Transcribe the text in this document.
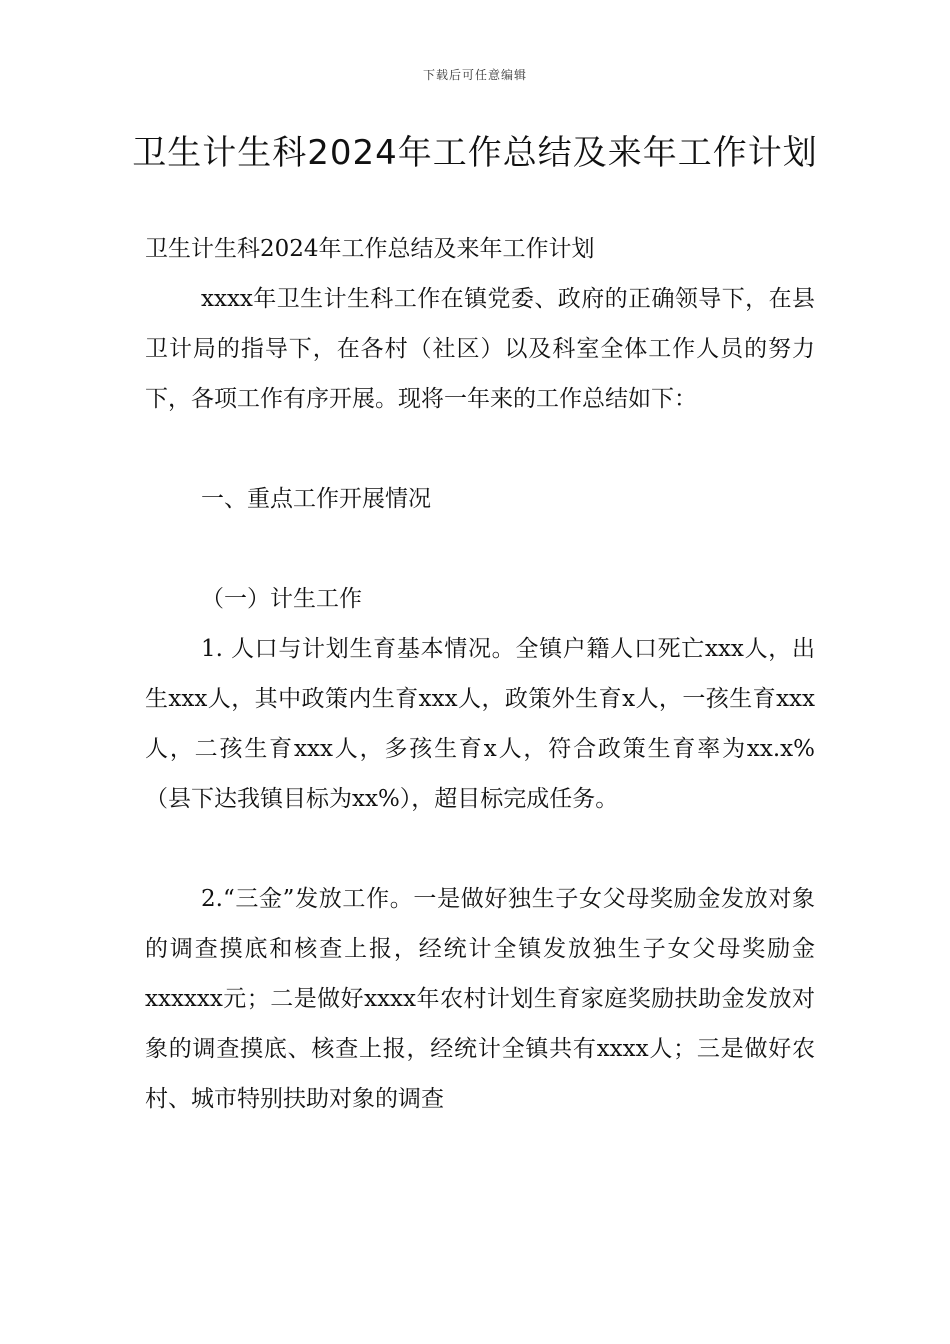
下载后可任意编辑
卫生计生科2024年工作总结及来年工作计划

卫生计生科2024年工作总结及来年工作计划

xxxx年卫生计生科工作在镇党委、政府的正确领导下，在县卫计局的指导下，在各村（社区）以及科室全体工作人员的努力下，各项工作有序开展。现将一年来的工作总结如下：

一、重点工作开展情况

（一）计生工作

1. 人口与计划生育基本情况。全镇户籍人口死亡xxx人，出生xxx人，其中政策内生育xxx人，政策外生育x人，一孩生育xxx人，二孩生育xxx人，多孩生育x人，符合政策生育率为xx.x%（县下达我镇目标为xx%），超目标完成任务。

2.“三金”发放工作。一是做好独生子女父母奖励金发放对象的调查摸底和核查上报，经统计全镇发放独生子女父母奖励金xxxxxx元；二是做好xxxx年农村计划生育家庭奖励扶助金发放对象的调查摸底、核查上报，经统计全镇共有xxxx人；三是做好农村、城市特别扶助对象的调查
